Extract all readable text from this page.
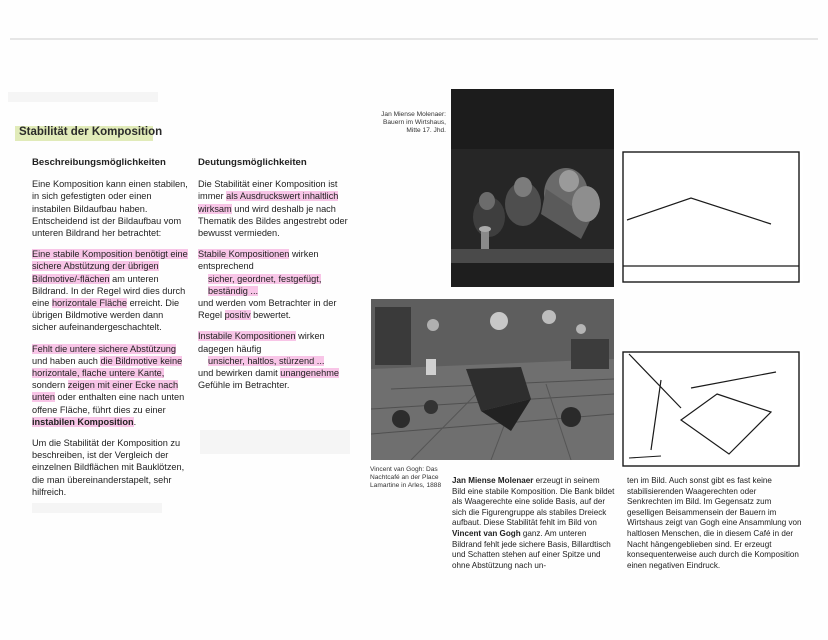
Stabilität der Komposition
Beschreibungsmöglichkeiten

Eine Komposition kann einen stabilen, in sich gefestigten oder einen instabilen Bildaufbau haben. Entscheidend ist der Bildaufbau vom unteren Bildrand her betrachtet:

Eine stabile Komposition benötigt eine sichere Abstützung der übrigen Bildmotive/-flächen am unteren Bildrand. In der Regel wird dies durch eine horizontale Fläche erreicht. Die übrigen Bildmotive werden dann sicher aufeinandergeschachtelt.

Fehlt die untere sichere Abstützung und haben auch die Bildmotive keine horizontale, flache untere Kante, sondern zeigen mit einer Ecke nach unten oder enthalten eine nach unten offene Fläche, führt dies zu einer instabilen Komposition.

Um die Stabilität der Komposition zu beschreiben, ist der Vergleich der einzelnen Bildflächen mit Bauklötzen, die man übereinanderstapelt, sehr hilfreich.

Deutungsmöglichkeiten

Die Stabilität einer Komposition ist immer als Ausdruckswert inhaltlich wirksam und wird deshalb je nach Thematik des Bildes angestrebt oder bewusst vermieden.

Stabile Kompositionen wirken entsprechend
sicher, geordnet, festgefügt, beständig ...
und werden vom Betrachter in der Regel positiv bewertet.

Instabile Kompositionen wirken dagegen häufig
unsicher, haltlos, stürzend ...
und bewirken damit unangenehme Gefühle im Betrachter.

Jan Miense Molenaer: Bauern im Wirtshaus, Mitte 17. Jhd.
Vincent van Gogh: Das Nachtcafé an der Place Lamartine in Arles, 1888
Jan Miense Molenaer erzeugt in seinem Bild eine stabile Komposition. Die Bank bildet als Waagerechte eine solide Basis, auf der sich die Figurengruppe als stabiles Dreieck aufbaut. Diese Stabilität fehlt im Bild von Vincent van Gogh ganz. Am unteren Bildrand fehlt jede sichere Basis, Billardtisch und Schatten stehen auf einer Spitze und ohne Abstützung nach un-
ten im Bild. Auch sonst gibt es fast keine stabilisierenden Waagerechten oder Senkrechten im Bild. Im Gegensatz zum geselligen Beisammensein der Bauern im Wirtshaus zeigt van Gogh eine Ansammlung von haltlosen Menschen, die in diesem Café in der Nacht hängengeblieben sind. Er erzeugt konsequenterweise auch durch die Komposition einen negativen Eindruck.
